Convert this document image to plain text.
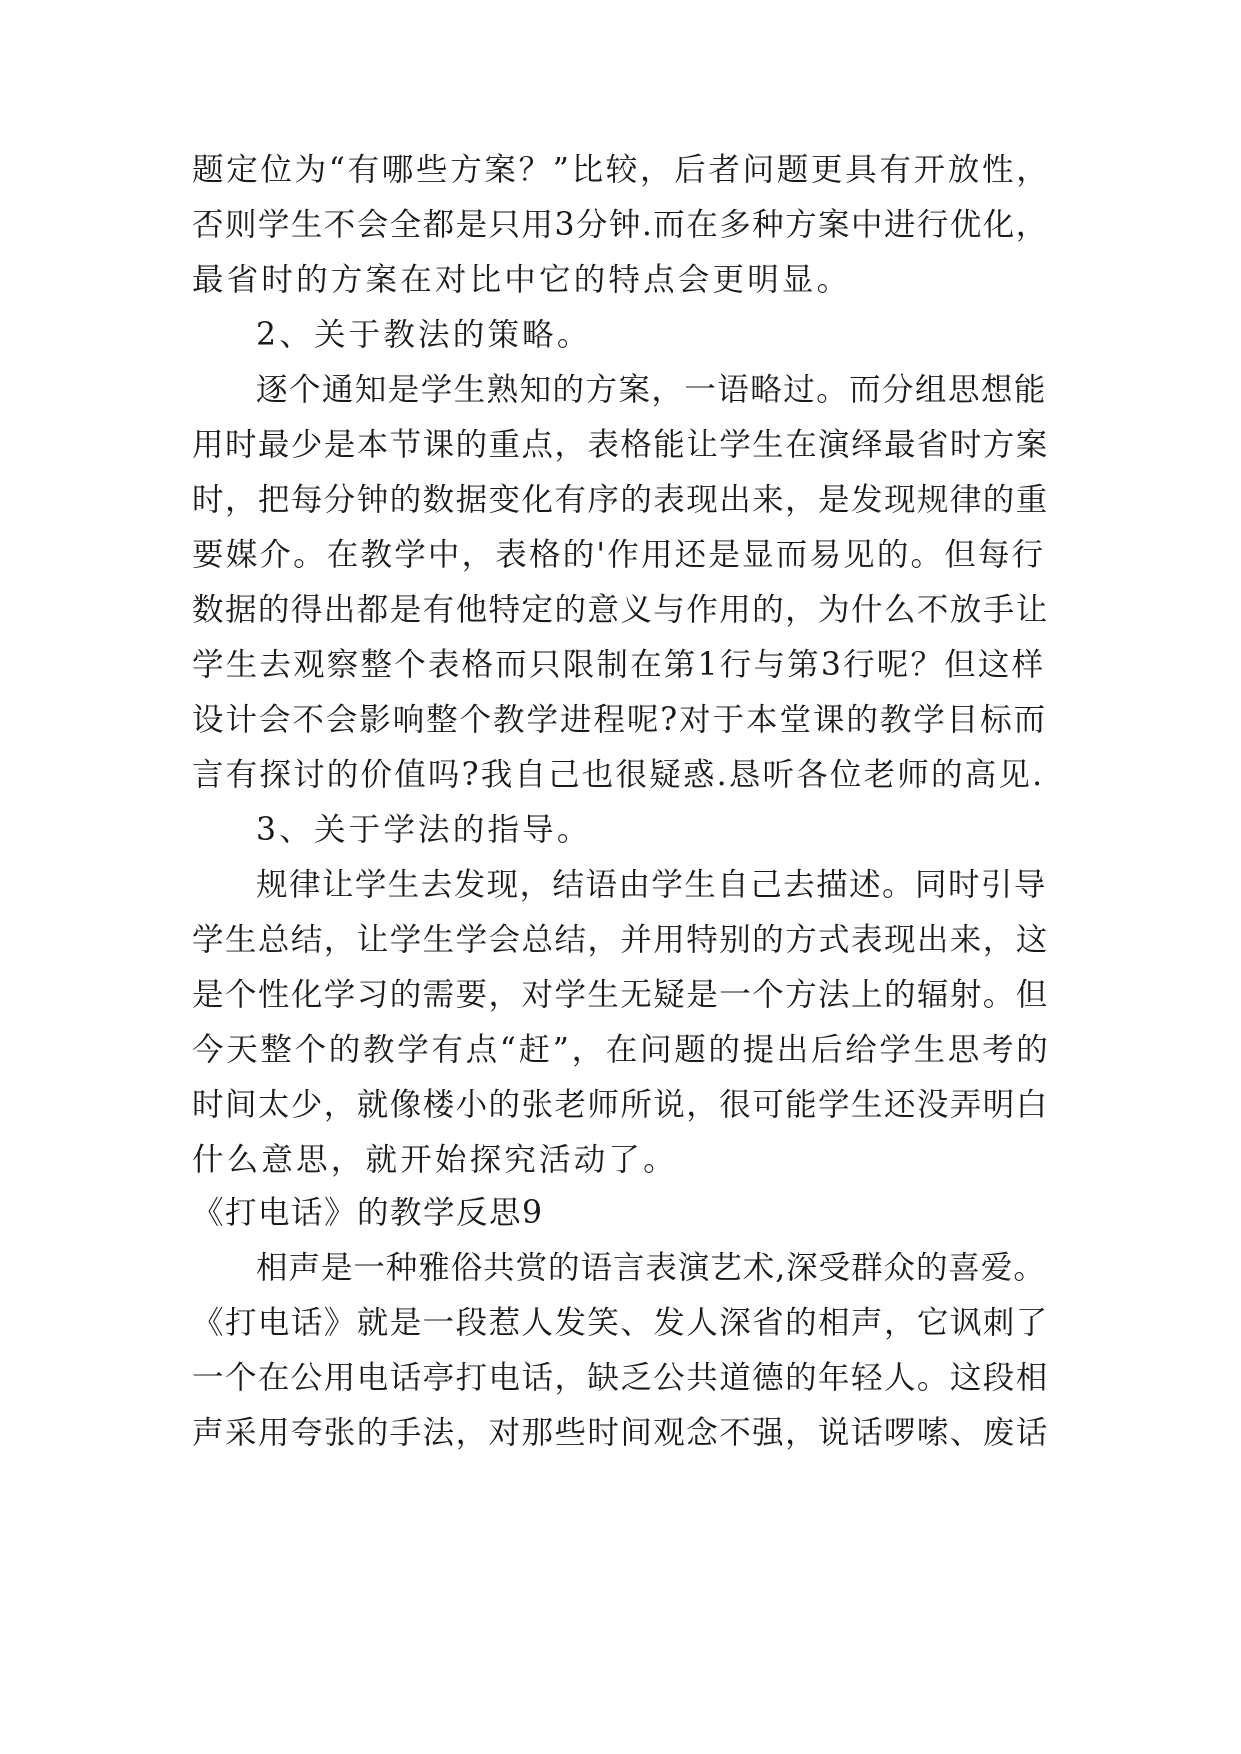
题定位为“有哪些方案？”比较，后者问题更具有开放性，
否则学生不会全都是只用3分钟.而在多种方案中进行优化，
最省时的方案在对比中它的特点会更明显。
2、关于教法的策略。
逐个通知是学生熟知的方案，一语略过。而分组思想能
用时最少是本节课的重点，表格能让学生在演绎最省时方案
时，把每分钟的数据变化有序的表现出来，是发现规律的重
要媒介。在教学中，表格的'作用还是显而易见的。但每行
数据的得出都是有他特定的意义与作用的，为什么不放手让
学生去观察整个表格而只限制在第1行与第3行呢？但这样
设计会不会影响整个教学进程呢?对于本堂课的教学目标而
言有探讨的价值吗?我自己也很疑惑.恳听各位老师的高见.
3、关于学法的指导。
规律让学生去发现，结语由学生自己去描述。同时引导
学生总结，让学生学会总结，并用特别的方式表现出来，这
是个性化学习的需要，对学生无疑是一个方法上的辐射。但
今天整个的教学有点“赶”，在问题的提出后给学生思考的
时间太少，就像楼小的张老师所说，很可能学生还没弄明白
什么意思，就开始探究活动了。
《打电话》的教学反思9
相声是一种雅俗共赏的语言表演艺术,深受群众的喜爱。
《打电话》就是一段惹人发笑、发人深省的相声，它讽刺了
一个在公用电话亭打电话，缺乏公共道德的年轻人。这段相
声采用夸张的手法，对那些时间观念不强，说话啰嗦、废话
